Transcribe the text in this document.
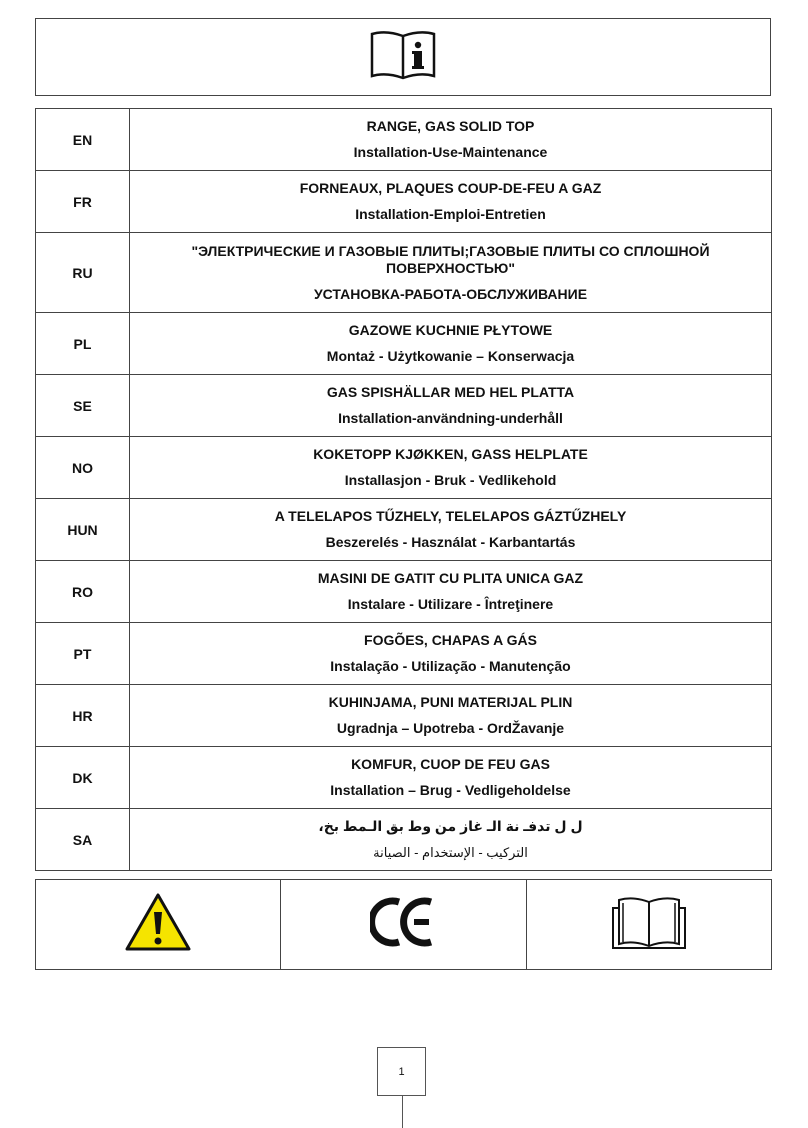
EN	RANGE, GAS SOLID TOP
Installation-Use-Maintenance

FR	FORNEAUX, PLAQUES COUP-DE-FEU A GAZ
Installation-Emploi-Entretien

RU	"ЭЛЕКТРИЧЕСКИЕ И ГАЗОВЫЕ ПЛИТЫ;ГАЗОВЫЕ ПЛИТЫ СО СПЛОШНОЙ ПОВЕРХНОСТЬЮ"
УСТАНОВКА-РАБОТА-ОБСЛУЖИВАНИЕ

PL	GAZOWE KUCHNIE PŁYTOWE
Montaż - Użytkowanie – Konserwacja

SE	GAS SPISHÄLLAR MED HEL PLATTA
Installation-användning-underhåll

NO	KOKETOPP KJØKKEN, GASS HELPLATE
Installasjon - Bruk - Vedlikehold

HUN	A TELELAPOS TŰZHELY, TELELAPOS GÁZTŰZHELY
Beszerelés - Használat - Karbantartás

RO	MASINI DE GATIT CU PLITA UNICA GAZ
Instalare - Utilizare - Întreţinere

PT	FOGÕES, CHAPAS A GÁS
Instalação - Utilização - Manutenção

HR	KUHINJAMA, PUNI MATERIJAL PLIN
Ugradnja – Upotreba - OrdŽavanje

DK	KOMFUR, CUOP DE FEU GAS
Installation – Brug - Vedligeholdelse

SA	ل ل تدفـ نة الـ غاز من وط بق الـمط بخ،
التركيب - الإستخدام - الصيانة

1
